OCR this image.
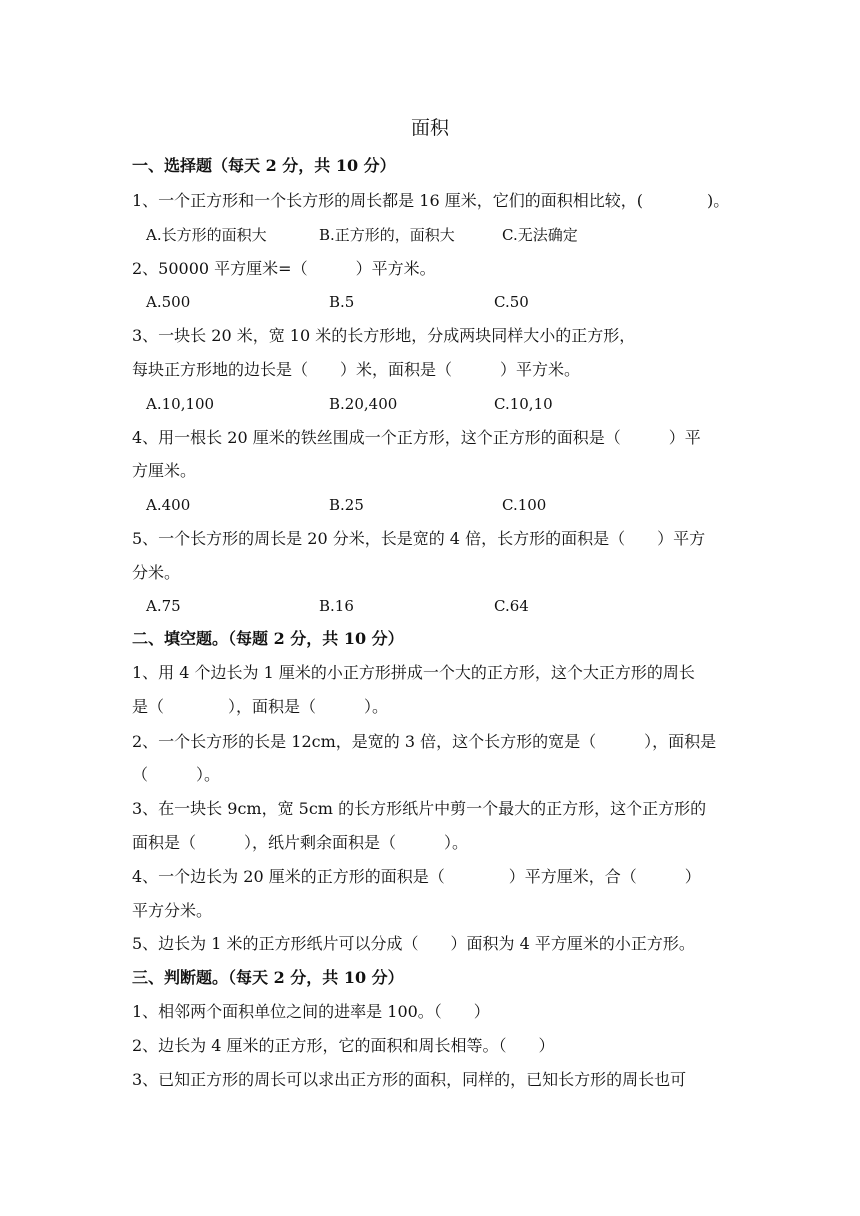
面积
一、选择题（每天 2 分，共 10 分）
1、一个正方形和一个长方形的周长都是 16 厘米，它们的面积相比较，(　　　　)。
A.长方形的面积大	B.正方形的，面积大	C.无法确定
2、50000 平方厘米=（　　　）平方米。
A.500	B.5	C.50
3、一块长 20 米，宽 10 米的长方形地，分成两块同样大小的正方形，
每块正方形地的边长是（　　）米，面积是（　　　）平方米。
A.10,100	B.20,400	C.10,10
4、用一根长 20 厘米的铁丝围成一个正方形，这个正方形的面积是（　　　）平
方厘米。
A.400	B.25	C.100
5、一个长方形的周长是 20 分米，长是宽的 4 倍，长方形的面积是（　　）平方
分米。
A.75	B.16	C.64
二、填空题。（每题 2 分，共 10 分）
1、用 4 个边长为 1 厘米的小正方形拼成一个大的正方形，这个大正方形的周长
是（　　　　），面积是（　　　）。
2、一个长方形的长是 12cm，是宽的 3 倍，这个长方形的宽是（　　　），面积是
（　　　）。
3、在一块长 9cm，宽 5cm 的长方形纸片中剪一个最大的正方形，这个正方形的
面积是（　　　），纸片剩余面积是（　　　）。
4、一个边长为 20 厘米的正方形的面积是（　　　　）平方厘米，合（　　　）
平方分米。
5、边长为 1 米的正方形纸片可以分成（　　）面积为 4 平方厘米的小正方形。
三、判断题。（每天 2 分，共 10 分）
1、相邻两个面积单位之间的进率是 100。（　　）
2、边长为 4 厘米的正方形，它的面积和周长相等。（　　）
3、已知正方形的周长可以求出正方形的面积，同样的，已知长方形的周长也可
